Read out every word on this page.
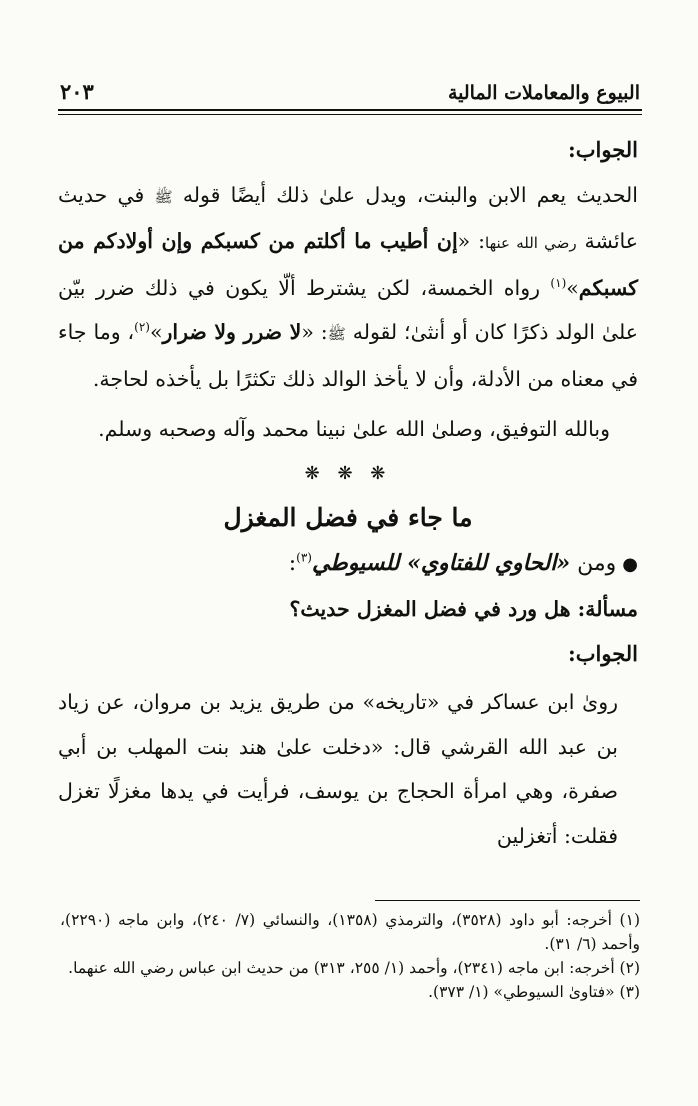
البيوع والمعاملات المالية
٢٠٣

الجواب:

الحديث يعم الابن والبنت، ويدل علىٰ ذلك أيضًا قوله ﷺ في حديث عائشة رضي الله عنها: «إن أطيب ما أكلتم من كسبكم وإن أولادكم من كسبكم»$^{(١)}$ رواه الخمسة، لكن يشترط ألّا يكون في ذلك ضرر بيّن علىٰ الولد ذكرًا كان أو أنثىٰ؛ لقوله ﷺ: «لا ضرر ولا ضرار»$^{(٢)}$، وما جاء في معناه من الأدلة، وأن لا يأخذ الوالد ذلك تكثرًا بل يأخذه لحاجة.

وبالله التوفيق، وصلىٰ الله علىٰ نبينا محمد وآله وصحبه وسلم.

❋ ❋ ❋

ما جاء في فضل المغزل

●ومن «الحاوي للفتاوي» للسيوطي$^{(٣)}$:

مسألة: هل ورد في فضل المغزل حديث؟

الجواب:

روىٰ ابن عساكر في «تاريخه» من طريق يزيد بن مروان، عن زياد بن عبد الله القرشي قال: «دخلت علىٰ هند بنت المهلب بن أبي صفرة، وهي امرأة الحجاج بن يوسف، فرأيت في يدها مغزلًا تغزل فقلت: أتغزلين

(١) أخرجه: أبو داود (٣٥٢٨)، والترمذي (١٣٥٨)، والنسائي (٧/ ٢٤٠)، وابن ماجه (٢٢٩٠)، وأحمد (٦/ ٣١).

(٢) أخرجه: ابن ماجه (٢٣٤١)، وأحمد (١/ ٢٥٥، ٣١٣) من حديث ابن عباس رضي الله عنهما.

(٣) «فتاوىٰ السيوطي» (١/ ٣٧٣).
